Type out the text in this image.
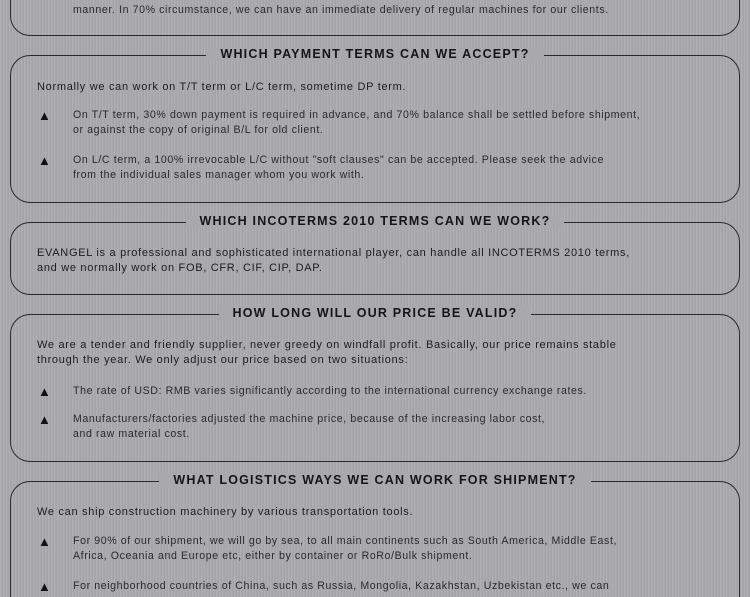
manner. In 70% circumstance, we can have an immediate delivery of regular machines for our clients.
WHICH PAYMENT TERMS CAN WE ACCEPT?
Normally we can work on T/T term or L/C term, sometime DP term.
▲ On T/T term, 30% down payment is required in advance, and 70% balance shall be settled before shipment,
or against the copy of original B/L for old client.
▲ On L/C term, a 100% irrevocable L/C without "soft clauses" can be accepted. Please seek the advice
from the individual sales manager whom you work with.
WHICH INCOTERMS 2010 TERMS CAN WE WORK?
EVANGEL is a professional and sophisticated international player, can handle all INCOTERMS 2010 terms,
and we normally work on FOB, CFR, CIF, CIP, DAP.
HOW LONG WILL OUR PRICE BE VALID?
We are a tender and friendly supplier, never greedy on windfall profit. Basically, our price remains stable
through the year. We only adjust our price based on two situations:
▲ The rate of USD: RMB varies significantly according to the international currency exchange rates.
▲ Manufacturers/factories adjusted the machine price, because of the increasing labor cost,
and raw material cost.
WHAT LOGISTICS WAYS WE CAN WORK FOR SHIPMENT?
We can ship construction machinery by various transportation tools.
▲ For 90% of our shipment, we will go by sea, to all main continents such as South America, Middle East,
Africa, Oceania and Europe etc, either by container or RoRo/Bulk shipment.
▲ For neighborhood countries of China, such as Russia, Mongolia, Kazakhstan, Uzbekistan etc., we can
